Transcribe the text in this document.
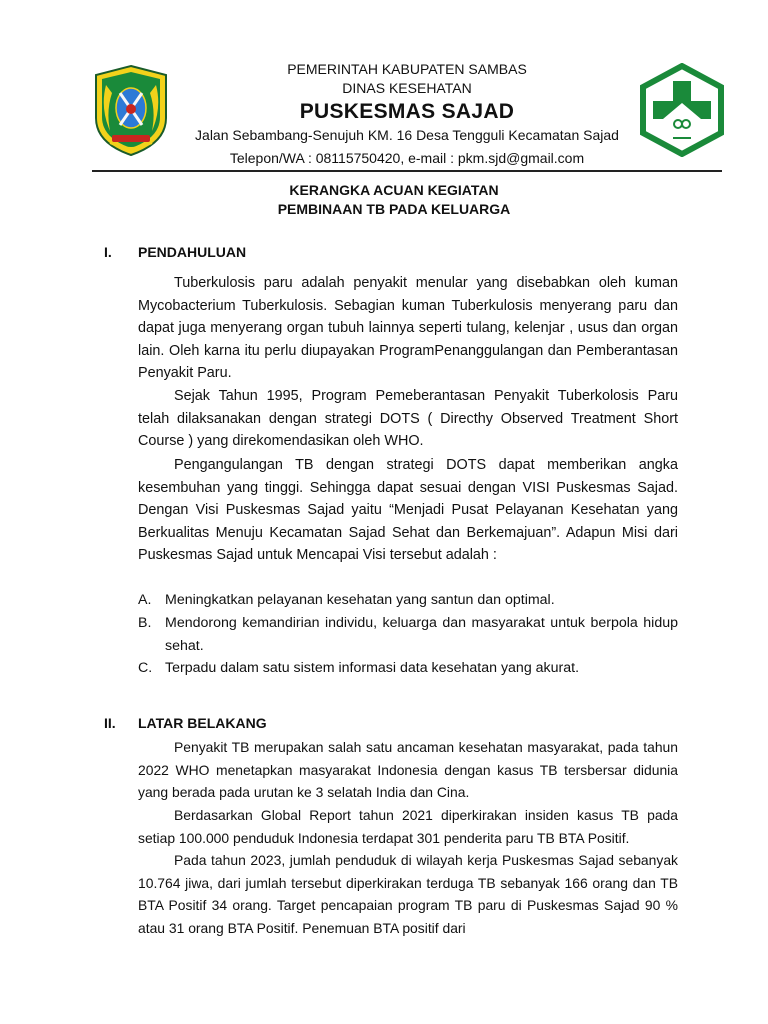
PEMERINTAH KABUPATEN SAMBAS
DINAS KESEHATAN
PUSKESMAS SAJAD
Jalan Sebambang-Senujuh KM. 16 Desa Tengguli Kecamatan Sajad
Telepon/WA : 08115750420, e-mail : pkm.sjd@gmail.com
KERANGKA ACUAN KEGIATAN
PEMBINAAN TB PADA KELUARGA
I. PENDAHULUAN
Tuberkulosis paru adalah penyakit menular yang disebabkan oleh kuman Mycobacterium Tuberkulosis. Sebagian kuman Tuberkulosis menyerang paru dan dapat juga menyerang organ tubuh lainnya seperti tulang, kelenjar , usus dan organ lain. Oleh karna itu perlu diupayakan ProgramPenanggulangan dan Pemberantasan Penyakit Paru.
Sejak Tahun 1995, Program Pemeberantasan Penyakit Tuberkolosis Paru telah dilaksanakan dengan strategi DOTS ( Directhy Observed Treatment Short Course ) yang direkomendasikan oleh WHO.
Pengangulangan TB dengan strategi DOTS dapat memberikan angka kesembuhan yang tinggi. Sehingga dapat sesuai dengan VISI Puskesmas Sajad. Dengan Visi Puskesmas Sajad yaitu “Menjadi Pusat Pelayanan Kesehatan yang Berkualitas Menuju Kecamatan Sajad Sehat dan Berkemajuan”. Adapun Misi dari Puskesmas Sajad untuk Mencapai Visi tersebut adalah :
A. Meningkatkan pelayanan kesehatan yang santun dan optimal.
B. Mendorong kemandirian individu, keluarga dan masyarakat untuk berpola hidup sehat.
C. Terpadu dalam satu sistem informasi data kesehatan yang akurat.
II. LATAR BELAKANG
Penyakit TB merupakan salah satu ancaman kesehatan masyarakat, pada tahun 2022 WHO menetapkan masyarakat Indonesia dengan kasus TB tersbersar didunia yang berada pada urutan ke 3 selatah India dan Cina.
Berdasarkan Global Report tahun 2021 diperkirakan insiden kasus TB pada setiap 100.000 penduduk Indonesia terdapat 301 penderita paru TB BTA Positif.
Pada tahun 2023, jumlah penduduk di wilayah kerja Puskesmas Sajad sebanyak 10.764 jiwa, dari jumlah tersebut diperkirakan terduga TB sebanyak 166 orang dan TB BTA Positif 34 orang. Target pencapaian program TB paru di Puskesmas Sajad 90 % atau 31 orang BTA Positif. Penemuan BTA positif dari
